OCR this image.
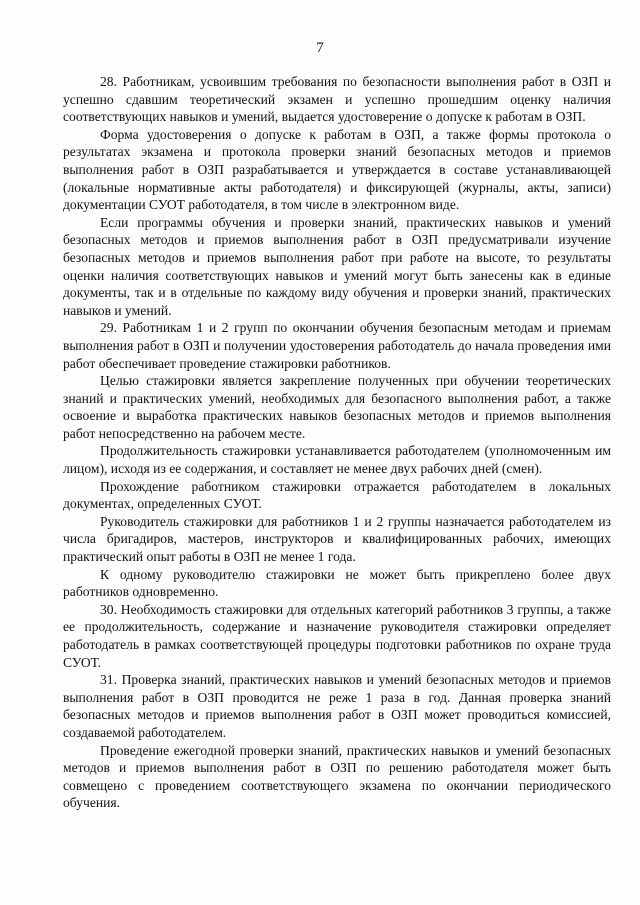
7

28. Работникам, усвоившим требования по безопасности выполнения работ в ОЗП и успешно сдавшим теоретический экзамен и успешно прошедшим оценку наличия соответствующих навыков и умений, выдается удостоверение о допуске к работам в ОЗП.

Форма удостоверения о допуске к работам в ОЗП, а также формы протокола о результатах экзамена и протокола проверки знаний безопасных методов и приемов выполнения работ в ОЗП разрабатывается и утверждается в составе устанавливающей (локальные нормативные акты работодателя) и фиксирующей (журналы, акты, записи) документации СУОТ работодателя, в том числе в электронном виде.

Если программы обучения и проверки знаний, практических навыков и умений безопасных методов и приемов выполнения работ в ОЗП предусматривали изучение безопасных методов и приемов выполнения работ при работе на высоте, то результаты оценки наличия соответствующих навыков и умений могут быть занесены как в единые документы, так и в отдельные по каждому виду обучения и проверки знаний, практических навыков и умений.

29. Работникам 1 и 2 групп по окончании обучения безопасным методам и приемам выполнения работ в ОЗП и получении удостоверения работодатель до начала проведения ими работ обеспечивает проведение стажировки работников.

Целью стажировки является закрепление полученных при обучении теоретических знаний и практических умений, необходимых для безопасного выполнения работ, а также освоение и выработка практических навыков безопасных методов и приемов выполнения работ непосредственно на рабочем месте.

Продолжительность стажировки устанавливается работодателем (уполномоченным им лицом), исходя из ее содержания, и составляет не менее двух рабочих дней (смен).

Прохождение работником стажировки отражается работодателем в локальных документах, определенных СУОТ.

Руководитель стажировки для работников 1 и 2 группы назначается работодателем из числа бригадиров, мастеров, инструкторов и квалифицированных рабочих, имеющих практический опыт работы в ОЗП не менее 1 года.

К одному руководителю стажировки не может быть прикреплено более двух работников одновременно.

30. Необходимость стажировки для отдельных категорий работников 3 группы, а также ее продолжительность, содержание и назначение руководителя стажировки определяет работодатель в рамках соответствующей процедуры подготовки работников по охране труда СУОТ.

31. Проверка знаний, практических навыков и умений безопасных методов и приемов выполнения работ в ОЗП проводится не реже 1 раза в год. Данная проверка знаний безопасных методов и приемов выполнения работ в ОЗП может проводиться комиссией, создаваемой работодателем.

Проведение ежегодной проверки знаний, практических навыков и умений безопасных методов и приемов выполнения работ в ОЗП по решению работодателя может быть совмещено с проведением соответствующего экзамена по окончании периодического обучения.
